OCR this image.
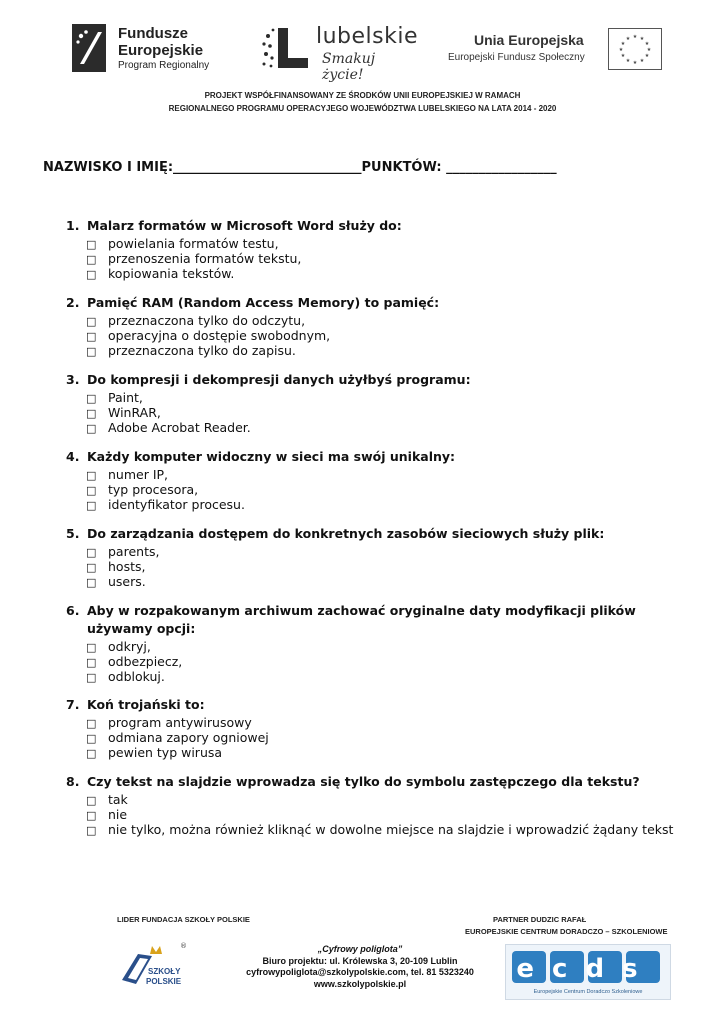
Fundusze
Europejskie
Program Regionalny
lubelskie
Smakuj życie!
Unia Europejska
Europejski Fundusz Społeczny
★ ★
★
★
★
★
★
★
★
★
★
★
PROJEKT WSPÓŁFINANSOWANY ZE ŚRODKÓW UNII EUROPEJSKIEJ W RAMACH
REGIONALNEGO PROGRAMU OPERACYJEGO WOJEWÓDZTWA LUBELSKIEGO NA LATA 2014 - 2020
NAZWISKO I IMIĘ:_____________________________PUNKTÓW: _________________
1. Malarz formatów w Microsoft Word służy do:
□ powielania formatów testu,
□ przenoszenia formatów tekstu,
□ kopiowania tekstów.
2. Pamięć RAM (Random Access Memory) to pamięć:
□ przeznaczona tylko do odczytu,
□ operacyjna o dostępie swobodnym,
□ przeznaczona tylko do zapisu.
3. Do kompresji i dekompresji danych użyłbyś programu:
□ Paint,
□ WinRAR,
□ Adobe Acrobat Reader.
4. Każdy komputer widoczny w sieci ma swój unikalny:
□ numer IP,
□ typ procesora,
□ identyfikator procesu.
5. Do zarządzania dostępem do konkretnych zasobów sieciowych służy plik:
□ parents,
□ hosts,
□ users.
6. Aby w rozpakowanym archiwum zachować oryginalne daty modyfikacji plików
używamy opcji:
□ odkryj,
□ odbezpiecz,
□ odblokuj.
7. Koń trojański to:
□ program antywirusowy
□ odmiana zapory ogniowej
□ pewien typ wirusa
8. Czy tekst na slajdzie wprowadza się tylko do symbolu zastępczego dla tekstu?
□ tak
□ nie
□ nie tylko, można również kliknąć w dowolne miejsce na slajdzie i wprowadzić żądany tekst
LIDER FUNDACJA SZKOŁY POLSKIE	PARTNER DUDZIC RAFAŁ
EUROPEJSKIE CENTRUM DORADCZO – SZKOLENIOWE
®
SZKOŁY
POLSKIE
„Cyfrowy poliglota”
Biuro projektu: ul. Królewska 3, 20-109 Lublin
cyfrowypoliglota@szkolypolskie.com, tel. 81 5323240
www.szkolypolskie.pl	ecds
Europejskie Centrum Doradczo Szkoleniowe
